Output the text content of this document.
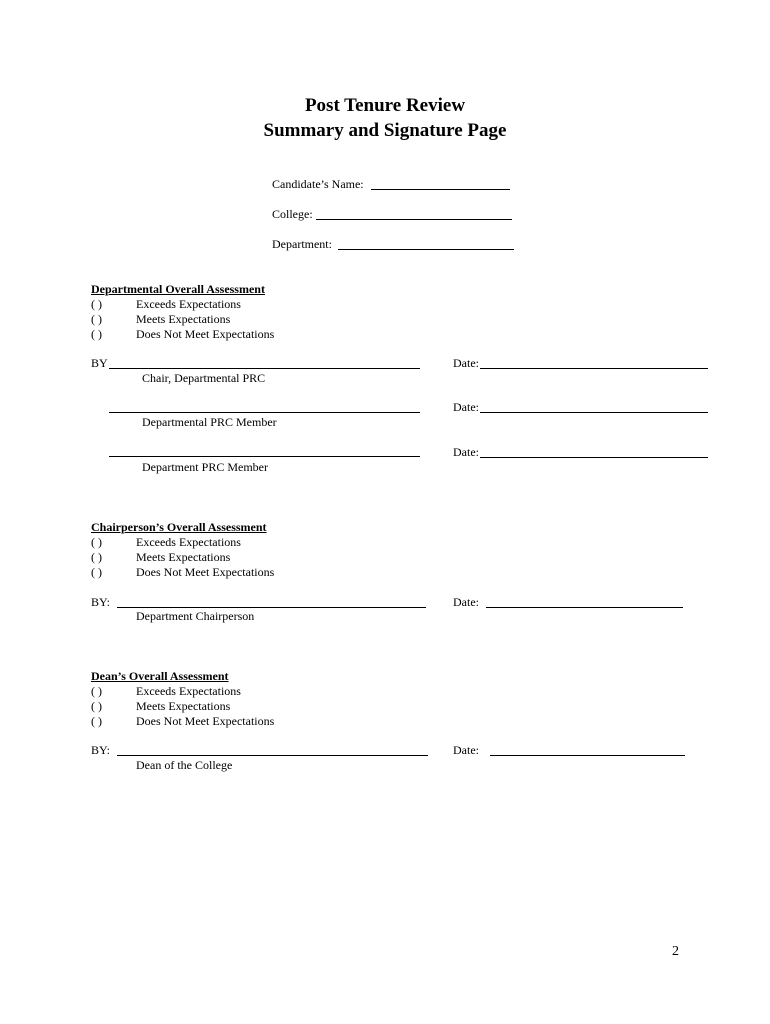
Post Tenure Review
Summary and Signature Page
Candidate’s Name:
College:
Department:
Departmental Overall Assessment
( )	Exceeds Expectations
( )	Meets Expectations
( )	Does Not Meet Expectations
BY	Date:
Chair, Departmental PRC
Date:
Departmental PRC Member
Date:
Department PRC Member
Chairperson’s Overall Assessment
( )	Exceeds Expectations
( )	Meets Expectations
( )	Does Not Meet Expectations
BY:	Date:
Department Chairperson
Dean’s Overall Assessment
( )	Exceeds Expectations
( )	Meets Expectations
( )	Does Not Meet Expectations
BY:	Date:
Dean of the College
2
